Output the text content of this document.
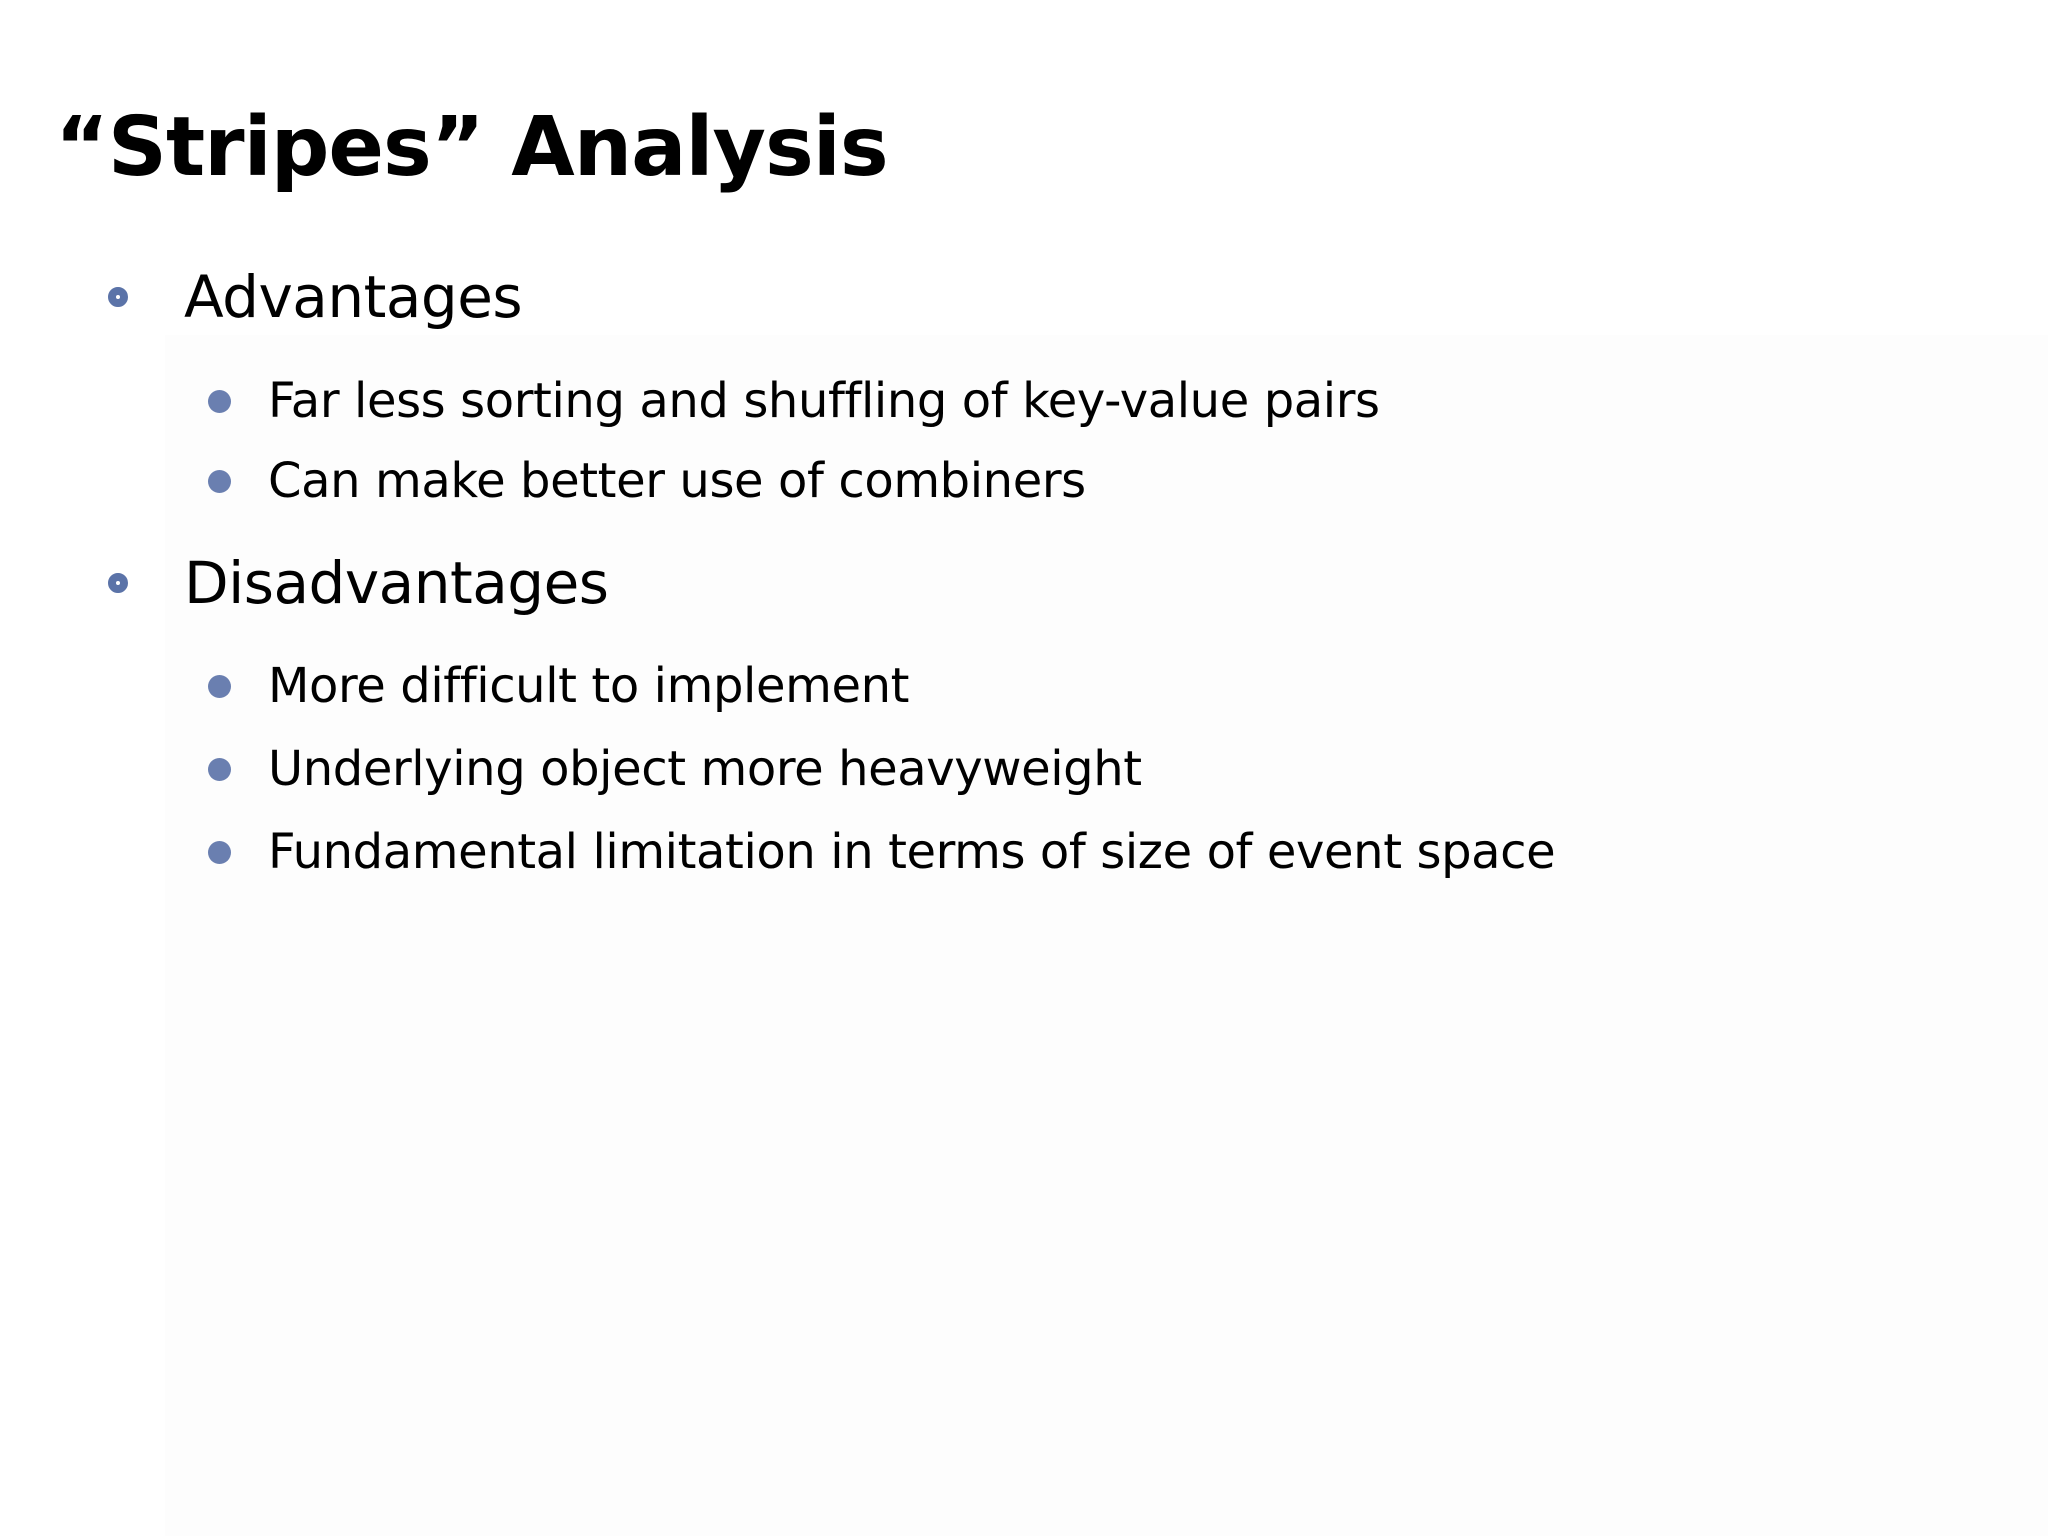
“Stripes” Analysis
Advantages
Far less sorting and shuffling of key-value pairs
Can make better use of combiners
Disadvantages
More difficult to implement
Underlying object more heavyweight
Fundamental limitation in terms of size of event space
